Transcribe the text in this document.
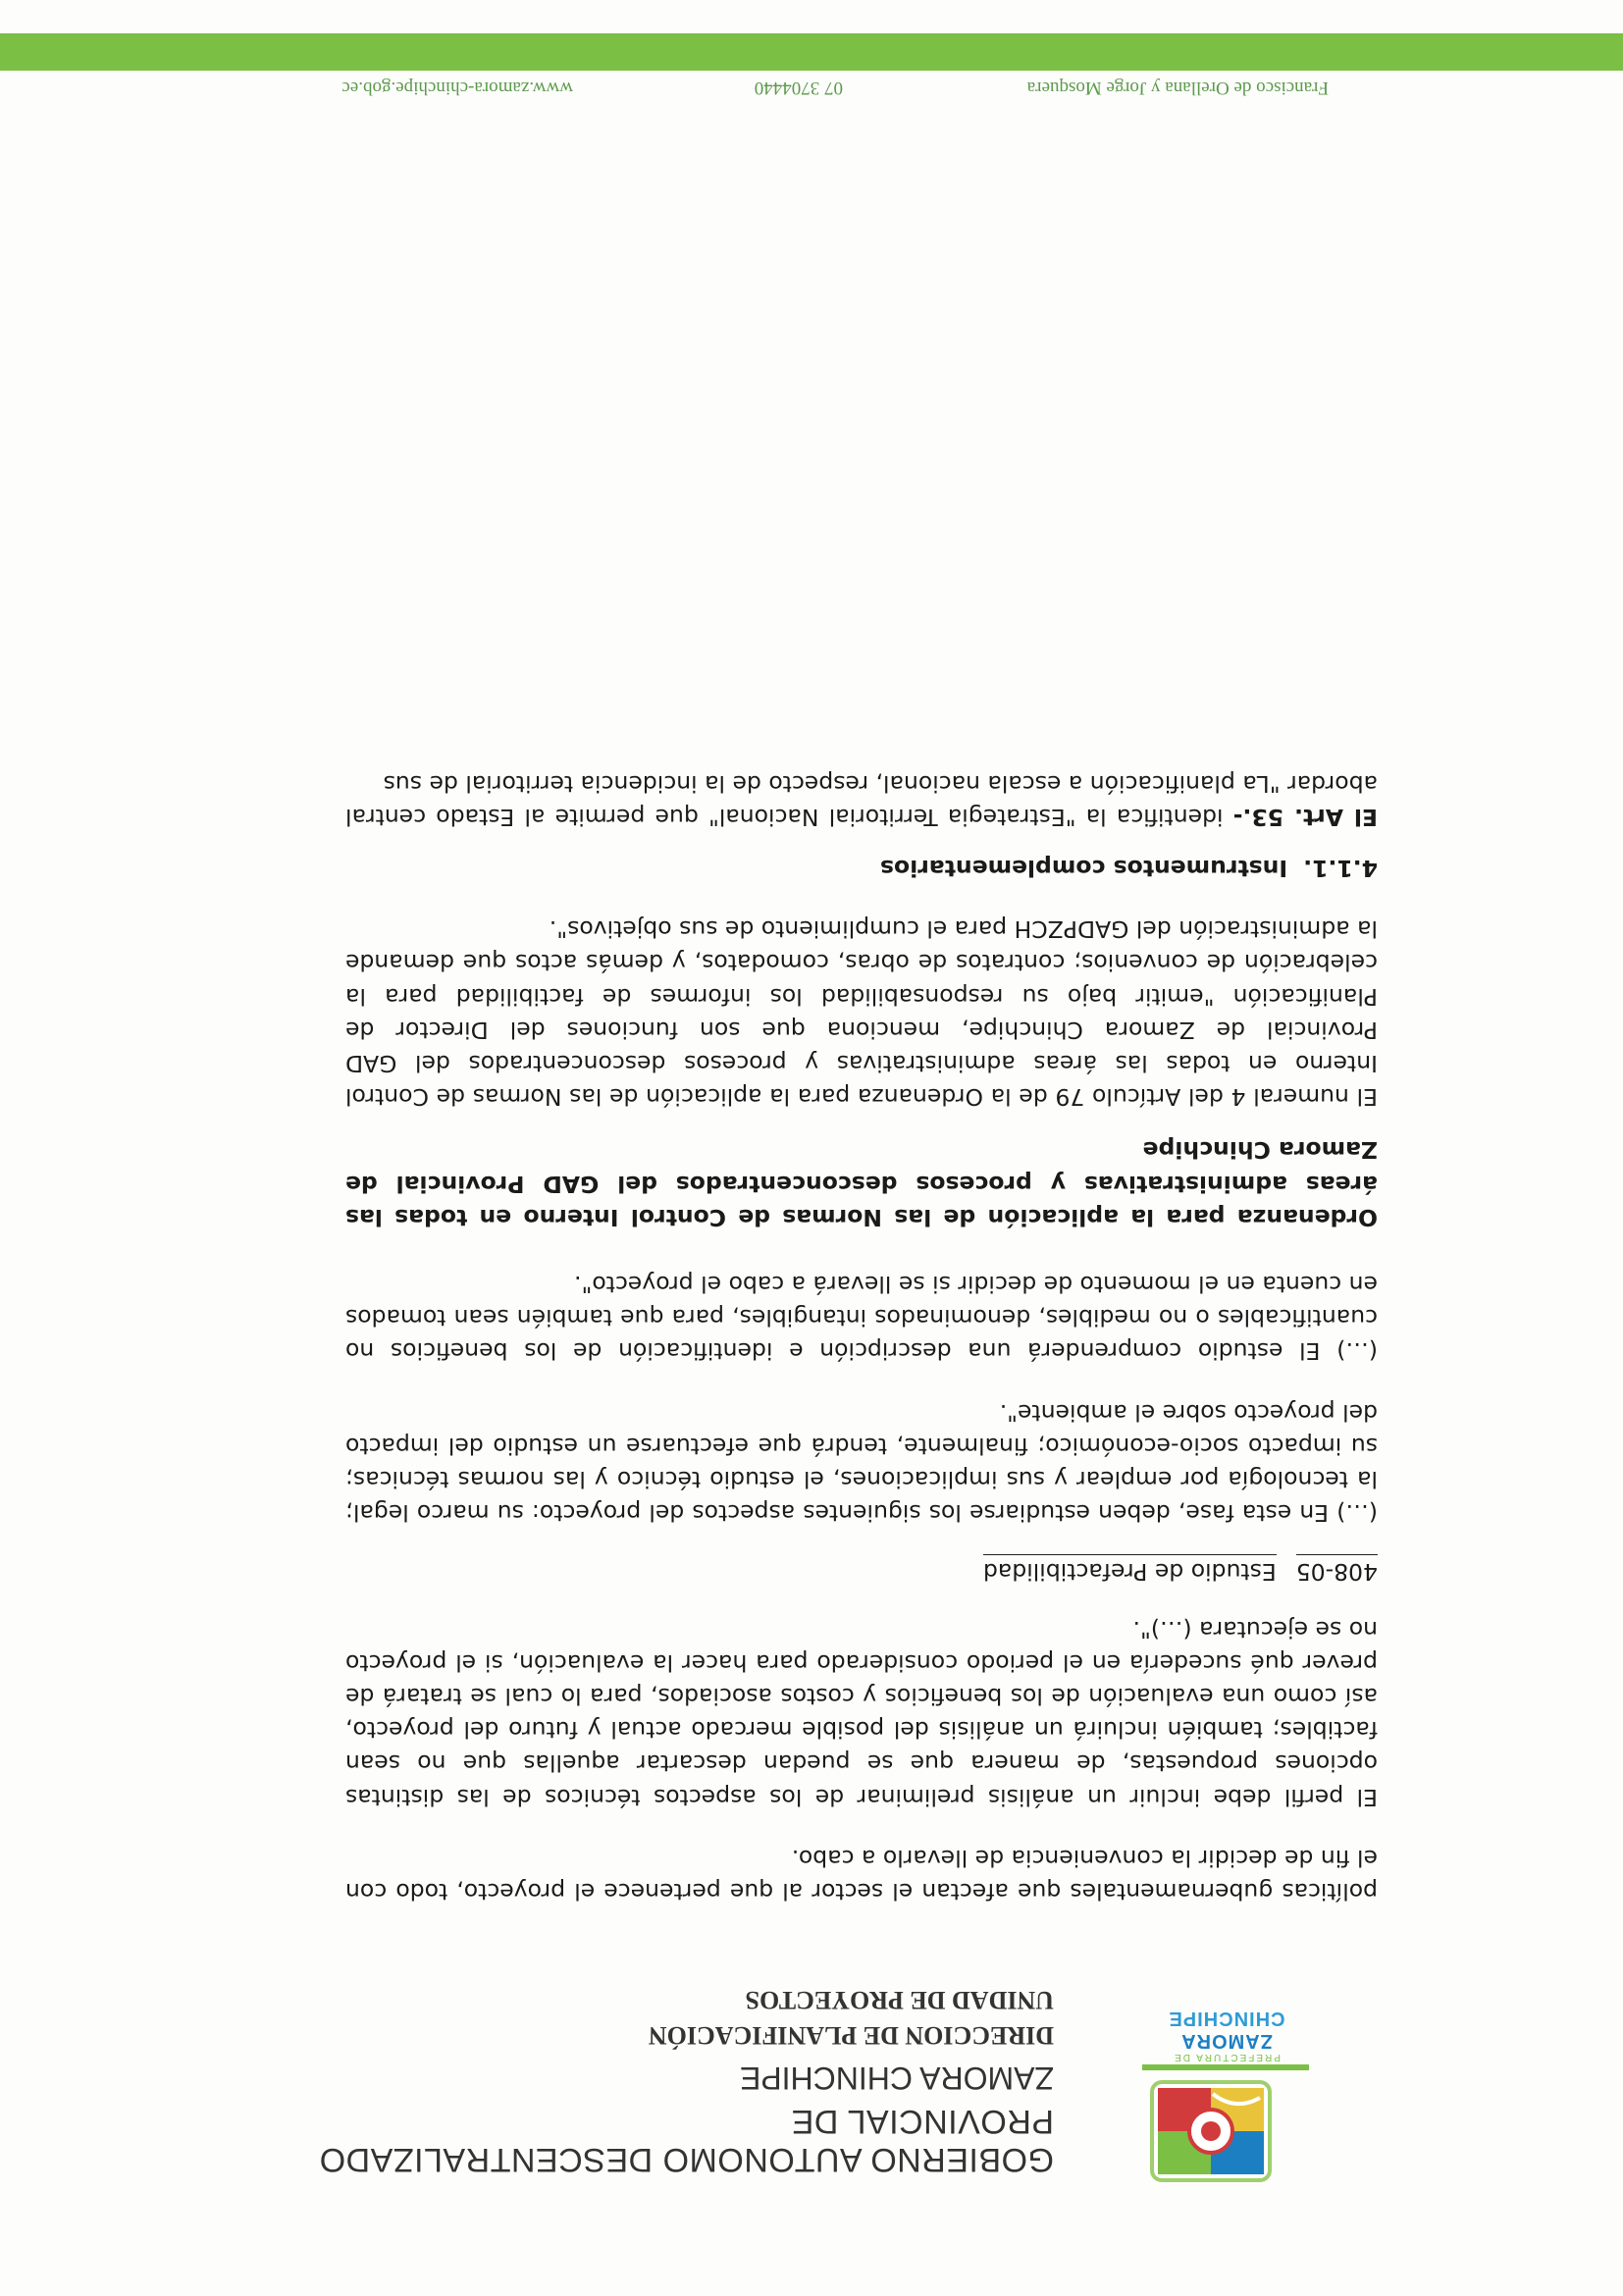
PREFECTURA DE
ZAMORA
CHINCHIPE
GOBIERNO AUTONOMO DESCENTRALIZADO PROVINCIAL DE
ZAMORA CHINCHIPE
DIRECCION DE PLANIFICACIÓN
UNIDAD DE PROYECTOS

políticas gubernamentales que afectan el sector al que pertenece el proyecto, todo con el fin de decidir la conveniencia de llevarlo a cabo.

El perfil debe incluir un análisis preliminar de los aspectos técnicos de las distintas opciones propuestas, de manera que se puedan descartar aquellas que no sean factibles; también incluirá un análisis del posible mercado actual y futuro del proyecto, así como una evaluación de los beneficios y costos asociados, para lo cual se tratará de prever qué sucedería en el periodo considerado para hacer la evaluación, si el proyecto no se ejecutara (…)".

408-05Estudio de Prefactibilidad

(…) En esta fase, deben estudiarse los siguientes aspectos del proyecto: su marco legal; la tecnología por emplear y sus implicaciones, el estudio técnico y las normas técnicas; su impacto socio-económico; finalmente, tendrá que efectuarse un estudio del impacto del proyecto sobre el ambiente".

(…) El estudio comprenderá una descripción e identificación de los beneficios no cuantificables o no medibles, denominados intangibles, para que también sean tomados en cuenta en el momento de decidir si se llevará a cabo el proyecto".

Ordenanza para la aplicación de las Normas de Control Interno en todas las áreas administrativas y procesos desconcentrados del GAD Provincial de Zamora Chinchipe

El numeral 4 del Artículo 79 de la Ordenanza para la aplicación de las Normas de Control Interno en todas las áreas administrativas y procesos desconcentrados del GAD Provincial de Zamora Chinchipe, menciona que son funciones del Director de Planificación "emitir bajo su responsabilidad los informes de factibilidad para la celebración de convenios; contratos de obras, comodatos, y demás actos que demande la administración del GADPZCH para el cumplimiento de sus objetivos".

4.1.1.Instrumentos complementarios

El Art. 53.- identifica la "Estrategia Territorial Nacional" que permite al Estado central abordar "La planificación a escala nacional, respecto de la incidencia territorial de sus

Francisco de Orellana y Jorge Mosquera
07 3704440
www.zamora-chinchipe.gob.ec
